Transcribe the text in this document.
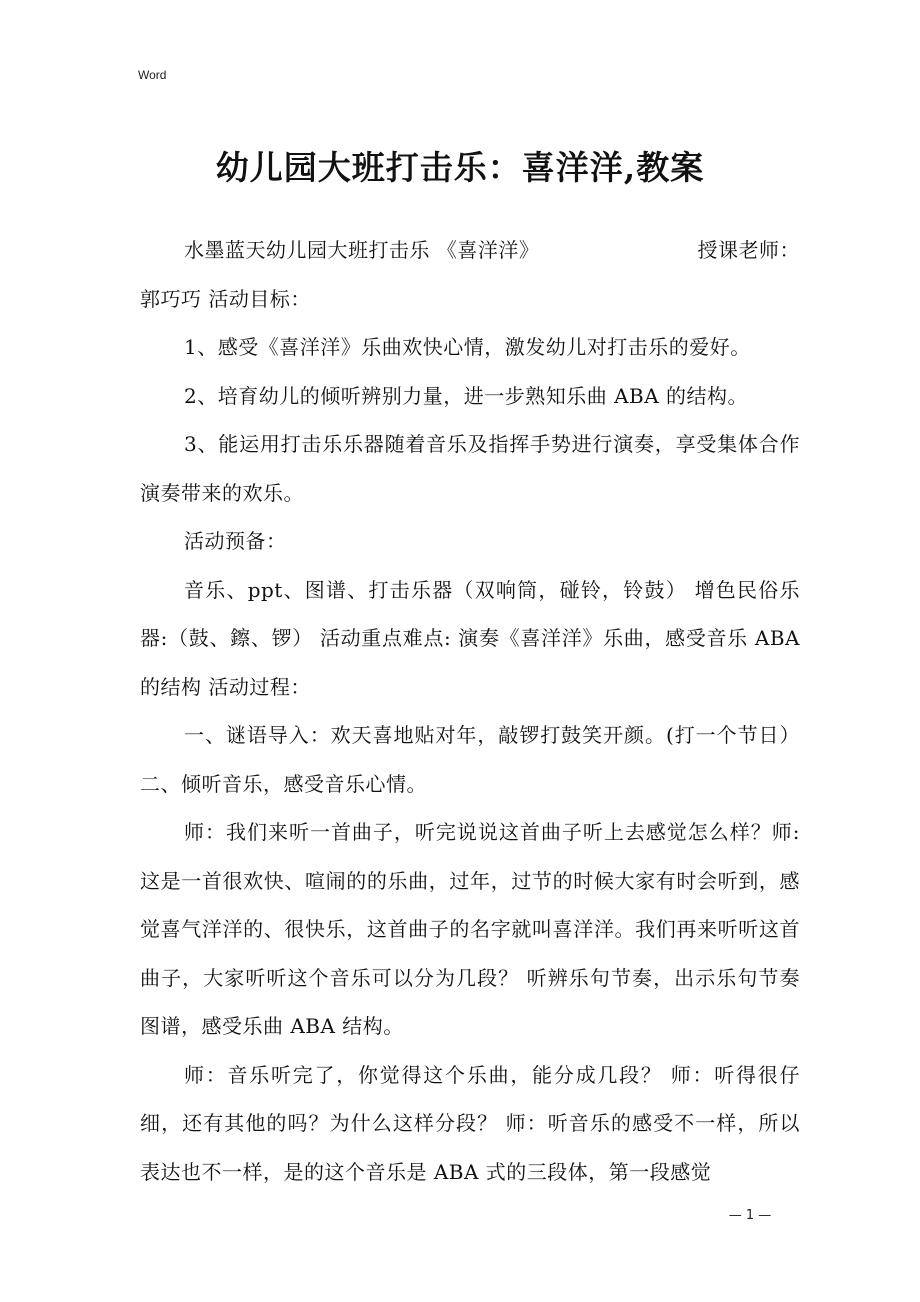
Word
幼儿园大班打击乐：喜洋洋,教案
水墨蓝天幼儿园大班打击乐 《喜洋洋》	授课老师：
郭巧巧 活动目标：

1、感受《喜洋洋》乐曲欢快心情，激发幼儿对打击乐的爱好。

2、培育幼儿的倾听辨别力量，进一步熟知乐曲 ABA 的结构。

3、能运用打击乐乐器随着音乐及指挥手势进行演奏，享受集体合作演奏带来的欢乐。

活动预备：

音乐、ppt、图谱、打击乐器（双响筒，碰铃，铃鼓） 增色民俗乐器:（鼓、鑔、锣） 活动重点难点: 演奏《喜洋洋》乐曲，感受音乐 ABA 的结构 活动过程：

一、谜语导入：欢天喜地贴对年，敲锣打鼓笑开颜。(打一个节日） 二、倾听音乐，感受音乐心情。

师：我们来听一首曲子，听完说说这首曲子听上去感觉怎么样？师: 这是一首很欢快、喧闹的的乐曲，过年，过节的时候大家有时会听到，感觉喜气洋洋的、很快乐，这首曲子的名字就叫喜洋洋。我们再来听听这首曲子，大家听听这个音乐可以分为几段？ 听辨乐句节奏，出示乐句节奏图谱，感受乐曲 ABA 结构。

师：音乐听完了，你觉得这个乐曲，能分成几段？ 师：听得很仔细，还有其他的吗？为什么这样分段？ 师：听音乐的感受不一样，所以表达也不一样，是的这个音乐是 ABA 式的三段体，第一段感觉

— 1 —
